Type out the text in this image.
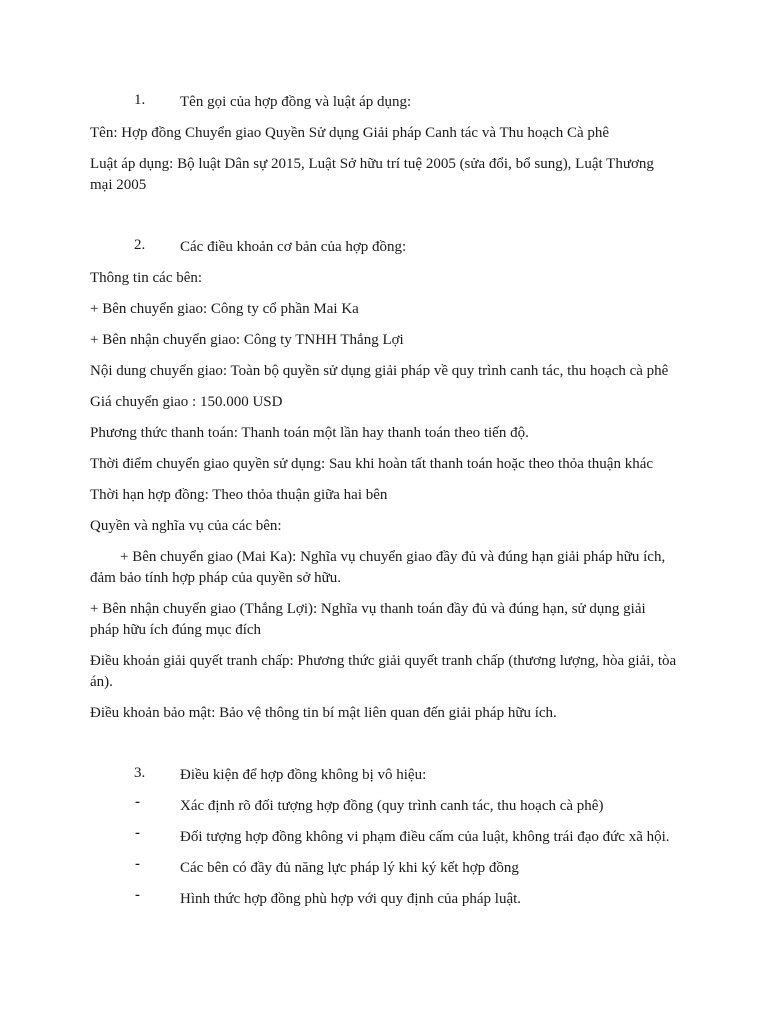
1. Tên gọi của hợp đồng và luật áp dụng:

Tên: Hợp đồng Chuyển giao Quyền Sử dụng Giải pháp Canh tác và Thu hoạch Cà phê

Luật áp dụng: Bộ luật Dân sự 2015, Luật Sở hữu trí tuệ 2005 (sửa đổi, bổ sung), Luật Thương mại 2005

2. Các điều khoản cơ bản của hợp đồng:

Thông tin các bên:

+ Bên chuyển giao: Công ty cổ phần Mai Ka

+ Bên nhận chuyển giao: Công ty TNHH Thắng Lợi

Nội dung chuyển giao: Toàn bộ quyền sử dụng giải pháp về quy trình canh tác, thu hoạch cà phê

Giá chuyển giao : 150.000 USD

Phương thức thanh toán: Thanh toán một lần hay thanh toán theo tiến độ.

Thời điểm chuyển giao quyền sử dụng: Sau khi hoàn tất thanh toán hoặc theo thỏa thuận khác

Thời hạn hợp đồng: Theo thỏa thuận giữa hai bên

Quyền và nghĩa vụ của các bên:

+ Bên chuyển giao (Mai Ka): Nghĩa vụ chuyển giao đầy đủ và đúng hạn giải pháp hữu ích, đảm bảo tính hợp pháp của quyền sở hữu.

+ Bên nhận chuyển giao (Thắng Lợi): Nghĩa vụ thanh toán đầy đủ và đúng hạn, sử dụng giải pháp hữu ích đúng mục đích

Điều khoản giải quyết tranh chấp: Phương thức giải quyết tranh chấp (thương lượng, hòa giải, tòa án).

Điều khoản bảo mật: Bảo vệ thông tin bí mật liên quan đến giải pháp hữu ích.

3. Điều kiện để hợp đồng không bị vô hiệu:

-	Xác định rõ đối tượng hợp đồng (quy trình canh tác, thu hoạch cà phê)

-	Đối tượng hợp đồng không vi phạm điều cấm của luật, không trái đạo đức xã hội.

-	Các bên có đầy đủ năng lực pháp lý khi ký kết hợp đồng

-	Hình thức hợp đồng phù hợp với quy định của pháp luật.
